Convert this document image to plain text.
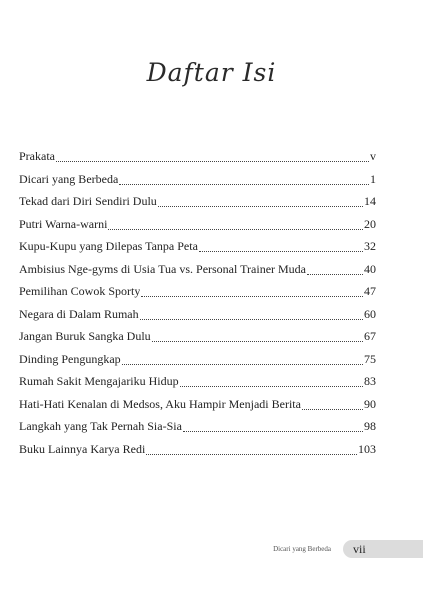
Daftar Isi
Prakata	v
Dicari yang Berbeda	1
Tekad dari Diri Sendiri Dulu	14
Putri Warna-warni	20
Kupu-Kupu yang Dilepas Tanpa Peta	32
Ambisius Nge-gyms di Usia Tua vs. Personal Trainer Muda	40
Pemilihan Cowok Sporty	47
Negara di Dalam Rumah	60
Jangan Buruk Sangka Dulu	67
Dinding Pengungkap	75
Rumah Sakit Mengajariku Hidup	83
Hati-Hati Kenalan di Medsos, Aku Hampir Menjadi Berita	90
Langkah yang Tak Pernah Sia-Sia	98
Buku Lainnya Karya Redi	103
Dicari yang Berbeda vii
